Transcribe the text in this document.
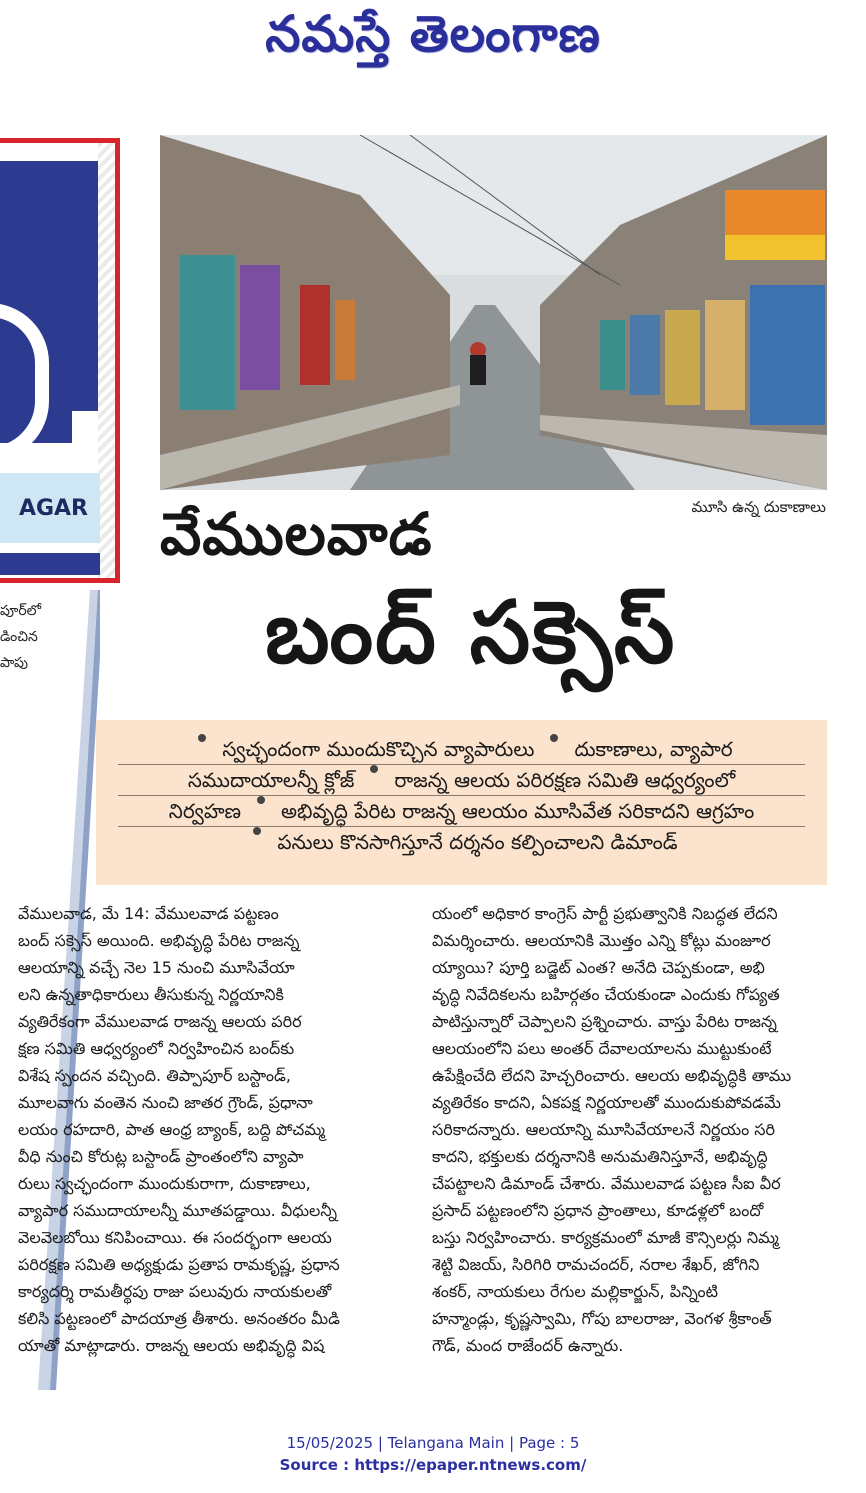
నమస్తే తెలంగాణ
AGAR
పూర్‌లో
డించిన
పాపు
మూసి ఉన్న దుకాణాలు
వేములవాడ
బంద్‌ సక్సెస్‌
స్వచ్ఛందంగా ముందుకొచ్చిన వ్యాపారులు దుకాణాలు, వ్యాపార
సముదాయాలన్నీ క్లోజ్‌ రాజన్న ఆలయ పరిరక్షణ సమితి ఆధ్వర్యంలో
నిర్వహణ అభివృద్ధి పేరిట రాజన్న ఆలయం మూసివేత సరికాదని ఆగ్రహం
పనులు కొనసాగిస్తూనే దర్శనం కల్పించాలని డిమాండ్‌
వేములవాడ, మే 14: వేములవాడ పట్టణం
బంద్‌ సక్సెస్‌ అయింది. అభివృద్ధి పేరిట రాజన్న
ఆలయాన్ని వచ్చే నెల 15 నుంచి మూసివేయా
లని ఉన్నతాధికారులు తీసుకున్న నిర్ణయానికి
వ్యతిరేకంగా వేములవాడ రాజన్న ఆలయ పరిర
క్షణ సమితి ఆధ్వర్యంలో నిర్వహించిన బంద్‌కు
విశేష స్పందన వచ్చింది. తిప్పాపూర్‌ బస్టాండ్‌,
మూలవాగు వంతెన నుంచి జాతర గ్రౌండ్‌, ప్రధానా
లయం రహదారి, పాత ఆంధ్ర బ్యాంక్‌, బద్ది పోచమ్మ
వీధి నుంచి కోరుట్ల బస్టాండ్‌ ప్రాంతంలోని వ్యాపా
రులు స్వచ్ఛందంగా ముందుకురాగా, దుకాణాలు,
వ్యాపార సముదాయాలన్నీ మూతపడ్డాయి. వీధులన్నీ
వెలవెలబోయి కనిపించాయి. ఈ సందర్భంగా ఆలయ
పరిరక్షణ సమితి అధ్యక్షుడు ప్రతాప రామకృష్ణ, ప్రధాన
కార్యదర్శి రామతీర్థపు రాజు పలువురు నాయకులతో
కలిసి పట్టణంలో పాదయాత్ర తీశారు. అనంతరం మీడి
యాతో మాట్లాడారు. రాజన్న ఆలయ అభివృద్ధి విష
యంలో అధికార కాంగ్రెస్‌ పార్టీ ప్రభుత్వానికి నిబద్ధత లేదని
విమర్శించారు. ఆలయానికి మొత్తం ఎన్ని కోట్లు మంజూర
య్యాయి? పూర్తి బడ్జెట్‌ ఎంత? అనేది చెప్పకుండా, అభి
వృద్ధి నివేదికలను బహిర్గతం చేయకుండా ఎందుకు గోప్యత
పాటిస్తున్నారో చెప్పాలని ప్రశ్నించారు. వాస్తు పేరిట రాజన్న
ఆలయంలోని పలు అంతర్‌ దేవాలయాలను ముట్టుకుంటే
ఉపేక్షించేది లేదని హెచ్చరించారు. ఆలయ అభివృద్ధికి తాము
వ్యతిరేకం కాదని, ఏకపక్ష నిర్ణయాలతో ముందుకుపోవడమే
సరికాదన్నారు. ఆలయాన్ని మూసివేయాలనే నిర్ణయం సరి
కాదని, భక్తులకు దర్శనానికి అనుమతినిస్తూనే, అభివృద్ధి
చేపట్టాలని డిమాండ్‌ చేశారు. వేములవాడ పట్టణ సీఐ వీర
ప్రసాద్‌ పట్టణంలోని ప్రధాన ప్రాంతాలు, కూడళ్లలో బందో
బస్తు నిర్వహించారు. కార్యక్రమంలో మాజీ కౌన్సిలర్లు నిమ్మ
శెట్టి విజయ్‌, సిరిగిరి రామచందర్‌, నరాల శేఖర్‌, జోగిని
శంకర్‌, నాయకులు రేగుల మల్లికార్జున్‌, పిన్నింటి
హన్మాండ్లు, కృష్ణస్వామి, గోపు బాలరాజు, వెంగళ శ్రీకాంత్‌
గౌడ్‌, మంద రాజేందర్‌ ఉన్నారు.
15/05/2025 | Telangana Main | Page : 5
Source : https://epaper.ntnews.com/
